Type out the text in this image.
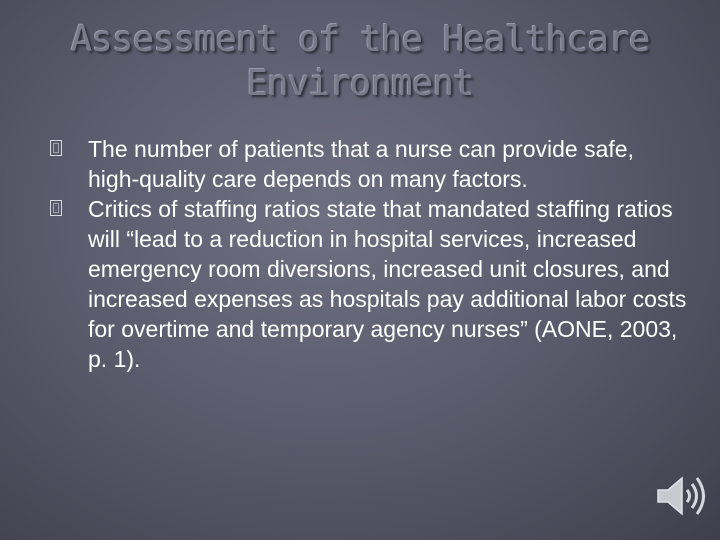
Assessment of the Healthcare
Environment
The number of patients that a nurse can provide safe, high-quality care depends on many factors.
Critics of staffing ratios state that mandated staffing ratios will “lead to a reduction in hospital services, increased emergency room diversions, increased unit closures, and increased expenses as hospitals pay additional labor costs for overtime and temporary agency nurses” (AONE, 2003, p. 1).
